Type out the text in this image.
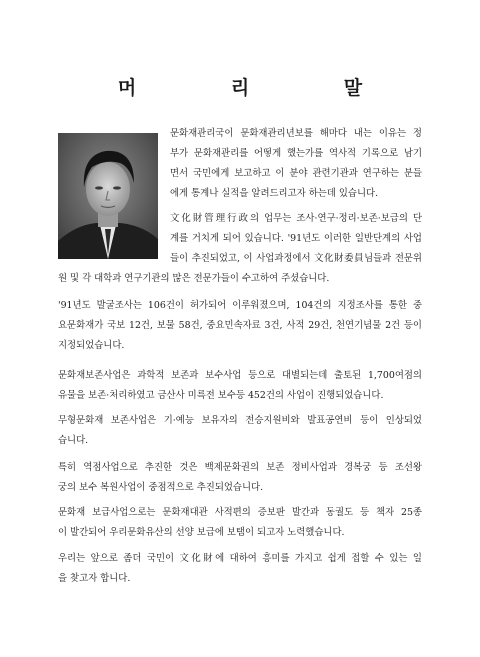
머 리 말
문화재관리국이 문화재관리년보를 해마다 내는 이유는 정
부가 문화재관리를 어떻게 했는가를 역사적 기록으로 남기
면서 국민에게 보고하고 이 분야 관련기관과 연구하는 분들
에게 통계나 실적을 알려드리고자 하는데 있습니다.
文化財管理行政의 업무는 조사·연구·정리·보존·보급의 단
계를 거치게 되어 있습니다. '91년도 이러한 일반단계의 사업
들이 추진되었고, 이 사업과정에서 文化財委員님들과 전문위
원 및 각 대학과 연구기관의 많은 전문가들이 수고하여 주셨습니다.
'91년도 발굴조사는 106건이 허가되어 이루워졌으며, 104건의 지정조사를 통한 중
요문화재가 국보 12건, 보물 58건, 중요민속자료 3건, 사적 29건, 천연기념물 2건 등이
지정되었습니다.
문화재보존사업은 과학적 보존과 보수사업 등으로 대별되는데 출토된 1,700여점의
유물을 보존·처리하였고 금산사 미륵전 보수등 452건의 사업이 진행되었습니다.
무형문화재 보존사업은 기·예능 보유자의 전승지원비와 발표공연비 등이 인상되었
습니다.
특히 역점사업으로 추진한 것은 백제문화권의 보존 정비사업과 경복궁 등 조선왕
궁의 보수 복원사업이 중점적으로 추진되었습니다.
문화재 보급사업으로는 문화재대관 사적편의 증보판 발간과 동궐도 등 책자 25종
이 발간되어 우리문화유산의 선양 보급에 보탬이 되고자 노력했습니다.
우리는 앞으로 좀더 국민이 文化財에 대하여 흥미를 가지고 쉽게 접할 수 있는 일
을 찾고자 합니다.
